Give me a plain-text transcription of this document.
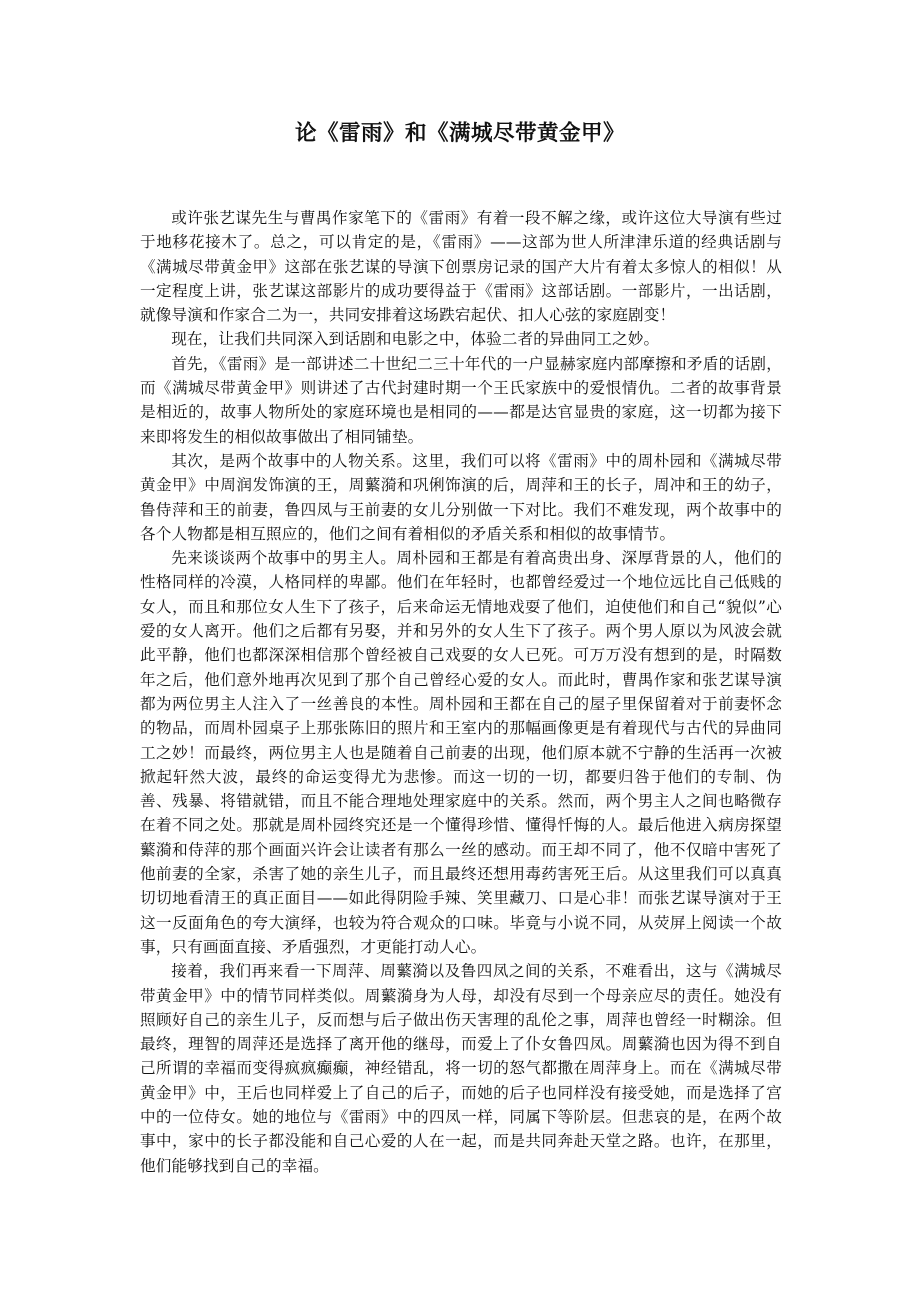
论《雷雨》和《满城尽带黄金甲》

或许张艺谋先生与曹禺作家笔下的《雷雨》有着一段不解之缘，或许这位大导演有些过于地移花接木了。总之，可以肯定的是，《雷雨》——这部为世人所津津乐道的经典话剧与《满城尽带黄金甲》这部在张艺谋的导演下创票房记录的国产大片有着太多惊人的相似！从一定程度上讲，张艺谋这部影片的成功要得益于《雷雨》这部话剧。一部影片，一出话剧，就像导演和作家合二为一，共同安排着这场跌宕起伏、扣人心弦的家庭剧变！

现在，让我们共同深入到话剧和电影之中，体验二者的异曲同工之妙。

首先，《雷雨》是一部讲述二十世纪二三十年代的一户显赫家庭内部摩擦和矛盾的话剧，而《满城尽带黄金甲》则讲述了古代封建时期一个王氏家族中的爱恨情仇。二者的故事背景是相近的，故事人物所处的家庭环境也是相同的——都是达官显贵的家庭，这一切都为接下来即将发生的相似故事做出了相同铺垫。

其次，是两个故事中的人物关系。这里，我们可以将《雷雨》中的周朴园和《满城尽带黄金甲》中周润发饰演的王，周蘩漪和巩俐饰演的后，周萍和王的长子，周冲和王的幼子，鲁侍萍和王的前妻，鲁四凤与王前妻的女儿分别做一下对比。我们不难发现，两个故事中的各个人物都是相互照应的，他们之间有着相似的矛盾关系和相似的故事情节。

先来谈谈两个故事中的男主人。周朴园和王都是有着高贵出身、深厚背景的人，他们的性格同样的冷漠，人格同样的卑鄙。他们在年轻时，也都曾经爱过一个地位远比自己低贱的女人，而且和那位女人生下了孩子，后来命运无情地戏耍了他们，迫使他们和自己“貌似”心爱的女人离开。他们之后都有另娶，并和另外的女人生下了孩子。两个男人原以为风波会就此平静，他们也都深深相信那个曾经被自己戏耍的女人已死。可万万没有想到的是，时隔数年之后，他们意外地再次见到了那个自己曾经心爱的女人。而此时，曹禺作家和张艺谋导演都为两位男主人注入了一丝善良的本性。周朴园和王都在自己的屋子里保留着对于前妻怀念的物品，而周朴园桌子上那张陈旧的照片和王室内的那幅画像更是有着现代与古代的异曲同工之妙！而最终，两位男主人也是随着自己前妻的出现，他们原本就不宁静的生活再一次被掀起轩然大波，最终的命运变得尤为悲惨。而这一切的一切，都要归咎于他们的专制、伪善、残暴、将错就错，而且不能合理地处理家庭中的关系。然而，两个男主人之间也略微存在着不同之处。那就是周朴园终究还是一个懂得珍惜、懂得忏悔的人。最后他进入病房探望蘩漪和侍萍的那个画面兴许会让读者有那么一丝的感动。而王却不同了，他不仅暗中害死了他前妻的全家，杀害了她的亲生儿子，而且最终还想用毒药害死王后。从这里我们可以真真切切地看清王的真正面目——如此得阴险手辣、笑里藏刀、口是心非！而张艺谋导演对于王这一反面角色的夸大演绎，也较为符合观众的口味。毕竟与小说不同，从荧屏上阅读一个故事，只有画面直接、矛盾强烈，才更能打动人心。

接着，我们再来看一下周萍、周蘩漪以及鲁四凤之间的关系，不难看出，这与《满城尽带黄金甲》中的情节同样类似。周蘩漪身为人母，却没有尽到一个母亲应尽的责任。她没有照顾好自己的亲生儿子，反而想与后子做出伤天害理的乱伦之事，周萍也曾经一时糊涂。但最终，理智的周萍还是选择了离开他的继母，而爱上了仆女鲁四凤。周蘩漪也因为得不到自己所谓的幸福而变得疯疯癫癫，神经错乱，将一切的怒气都撒在周萍身上。而在《满城尽带黄金甲》中，王后也同样爱上了自己的后子，而她的后子也同样没有接受她，而是选择了宫中的一位侍女。她的地位与《雷雨》中的四凤一样，同属下等阶层。但悲哀的是，在两个故事中，家中的长子都没能和自己心爱的人在一起，而是共同奔赴天堂之路。也许，在那里，他们能够找到自己的幸福。
